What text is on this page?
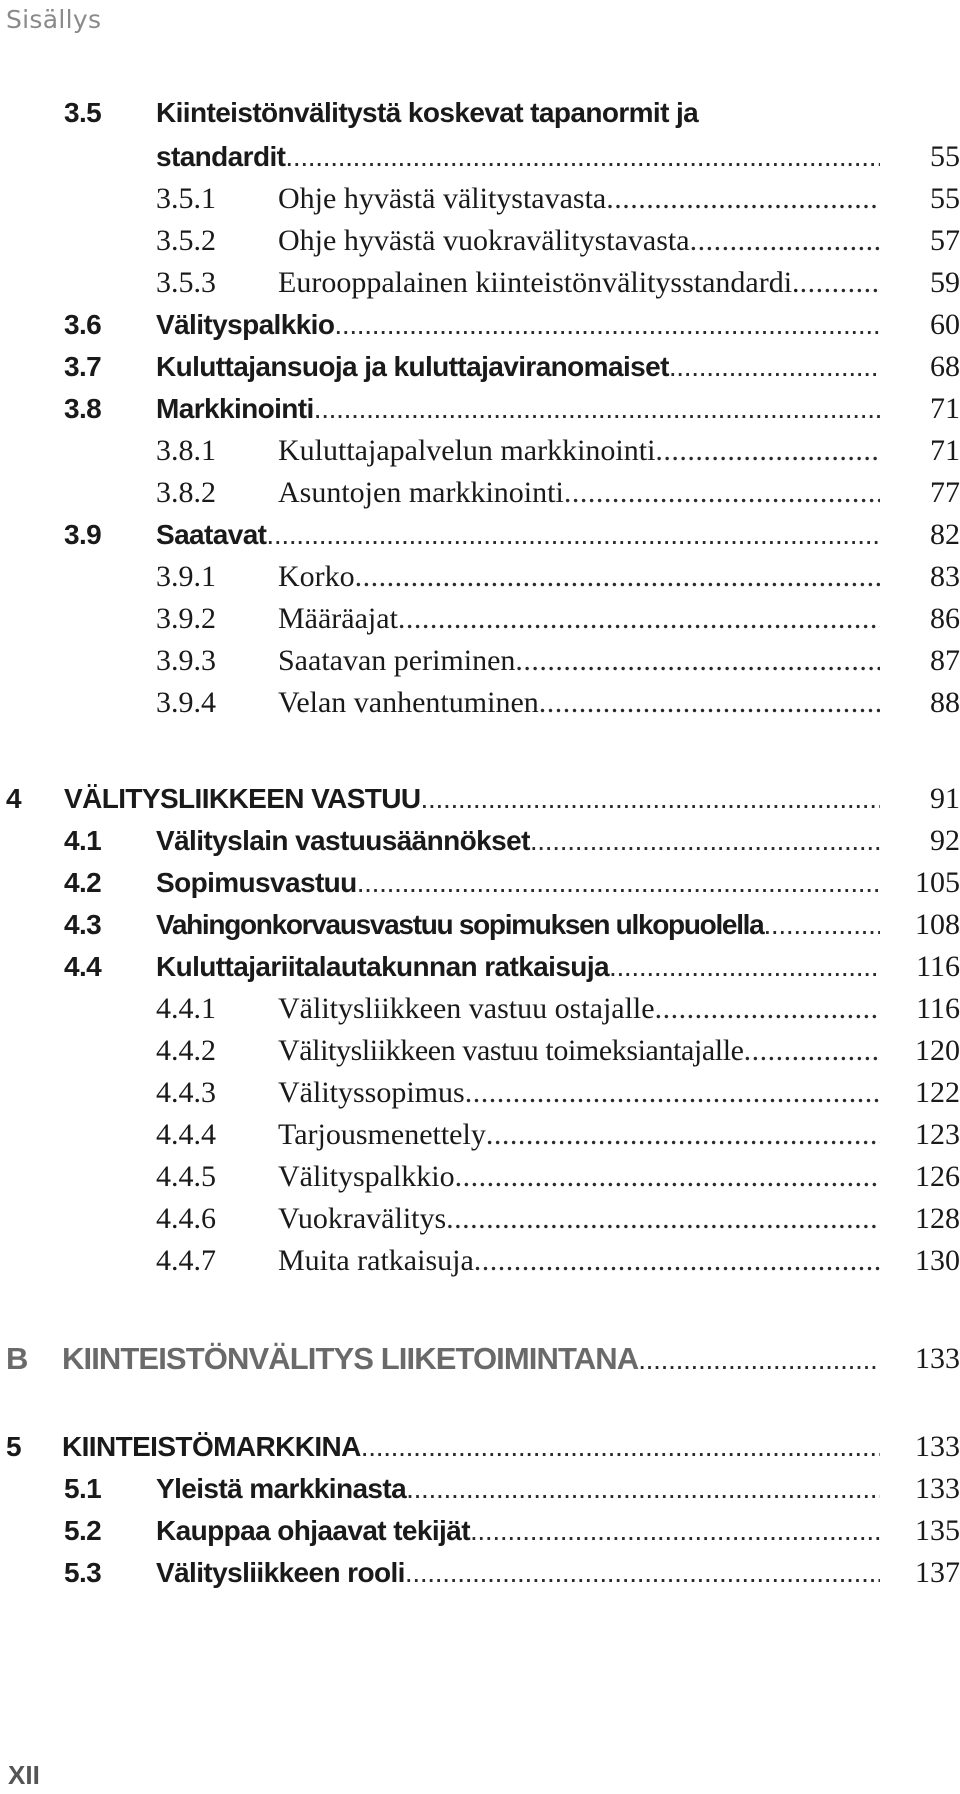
Sisällys
3.5 Kiinteistönvälitystä koskevat tapanormit ja
standardit .....	55
3.5.1	Ohje hyvästä välitystavasta .....	55
3.5.2	Ohje hyvästä vuokravälitystavasta .....	57
3.5.3	Eurooppalainen kiinteistönvälitysstandardi. .....	59
3.6 Välityspalkkio .....	60
3.7 Kuluttajansuoja ja kuluttajaviranomaiset .....	68
3.8 Markkinointi .....	71
3.8.1	Kuluttajapalvelun markkinointi .....	71
3.8.2	Asuntojen markkinointi .....	77
3.9 Saatavat .....	82
3.9.1	Korko .....	83
3.9.2	Määräajat .....	86
3.9.3	Saatavan periminen .....	87
3.9.4	Velan vanhentuminen .....	88
4 VÄLITYSLIIKKEEN VASTUU .....	91
4.1 Välityslain vastuusäännökset .....	92
4.2 Sopimusvastuu .....	105
4.3 Vahingonkorvausvastuu sopimuksen ulkopuolella .....	108
4.4 Kuluttajariitalautakunnan ratkaisuja .....	116
4.4.1	Välitysliikkeen vastuu ostajalle .....	116
4.4.2	Välitysliikkeen vastuu toimeksiantajalle .....	120
4.4.3	Välityssopimus .....	122
4.4.4	Tarjousmenettely .....	123
4.4.5	Välityspalkkio .....	126
4.4.6	Vuokravälitys .....	128
4.4.7	Muita ratkaisuja .....	130
B KIINTEISTÖNVÄLITYS LIIKETOIMINTANA .....	133
5 KIINTEISTÖMARKKINA .....	133
5.1 Yleistä markkinasta .....	133
5.2 Kauppaa ohjaavat tekijät .....	135
5.3 Välitysliikkeen rooli .....	137
XII
